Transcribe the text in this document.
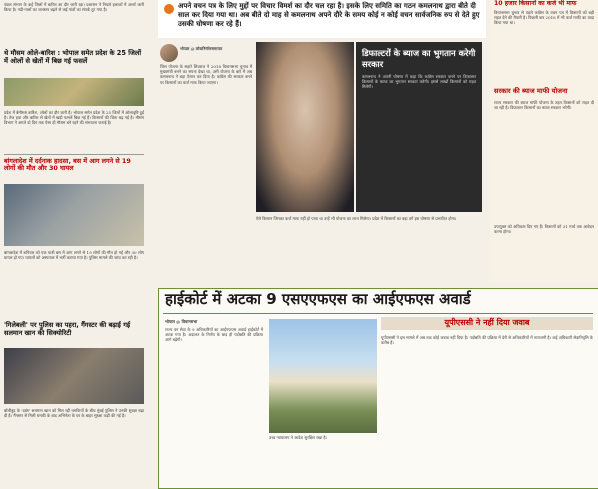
चंबल संभाग के कई जिलों में बारिश का दौर जारी रहा। प्रशासन ने निचले इलाकों में अलर्ट जारी किया है। नदी-नालों का जलस्तर बढ़ने से कई गांवों का संपर्क टूट गया है।
थे मौसम ओले-बारिश : भोपाल समेत प्रदेश के 25 जिलों में ओलों से खेतों में बिछ गई फसलें
प्रदेश में बेमौसम बारिश, ओलों का दौर जारी है। भोपाल समेत प्रदेश के 25 जिलों में ओलावृष्टि हुई है। तेज हवा और बारिश से खेतों में खड़ी फसलें बिछ गई हैं। किसानों की चिंता बढ़ गई है। मौसम विभाग ने अगले दो दिन तक ऐसा ही मौसम बने रहने की संभावना जताई है।
बांगलादेश में दर्दनाक हादसा, बस में आग लगने से 19 लोगों की मौत और 30 घायल
बांगलादेश में शनिवार को एक यात्री बस में आग लगने से 19 लोगों की मौत हो गई और 30 लोग घायल हो गए। घायलों को अस्पताल में भर्ती कराया गया है। पुलिस मामले की जांच कर रही है।
'गिलेबली' पर पुलिस का पहरा, गैंगस्टर की बढ़ाई गई सलमान खान की सिक्योरिटी
बॉलीवुड के 'दबंग' सलमान खान को मिल रही धमकियों के बीच मुंबई पुलिस ने उनकी सुरक्षा बढ़ा दी है। गैंगस्टर से मिली धमकी के बाद अभिनेता के घर के बाहर सुरक्षा कड़ी की गई है।
अपने वचन पत्र के लिए मुद्दों पर विचार विमर्श का दौर चल रहा है। इसके लिए समिति का गठन कमलनाथ द्वारा बीते दी साल कर दिया गया था। अब बीते दो माह से कमलनाथ अपने दौरे के समय कोई न कोई वचन सार्वजनिक रुप से देते हुए उसकी घोषणा कर रहे हैं।
भोपाल @ लोकनिर्माणसमाचार
जिस योजना के सहारे शिवराज ने 2018 विधानसभा चुनाव में मुख्यमंत्री बनने का सपना देखा था, उसी योजना के बारे में अब कमलनाथ ने बड़ा ऐलान कर दिया है। कांग्रेस की सरकार बनने पर किसानों का कर्ज माफ किया जाएगा।
डिफाल्टरों के ब्याज का भुगतान करेगी सरकार
कमलनाथ ने अपनी घोषणा में कहा कि कांग्रेस सरकार बनने पर डिफाल्टर किसानों के ब्याज का भुगतान सरकार करेगी। इससे लाखों किसानों को राहत मिलेगी।
ऐसे किसान जिनका कर्ज माफ नहीं हो पाया था उन्हें भी योजना का लाभ मिलेगा। प्रदेश में किसानों का बड़ा वर्ग इस घोषणा से प्रभावित होगा।
10 हजार किसानों का कर्ज भी माफ
विधानसभा चुनाव से पहले कांग्रेस के वचन पत्र में किसानों को बड़ी राहत देने की तैयारी है। पिछली बार 2018 में भी कर्ज माफी का वादा किया गया था।
सरकार की ब्याज माफी योजना
राज्य सरकार की ब्याज माफी योजना के तहत किसानों को राहत दी जा रही है। डिफाल्टर किसानों का ब्याज सरकार भरेगी।
उपायुक्त को अधिकार दिए गए हैं। किसानों को 31 मार्च तक आवेदन करना होगा।
हाईकोर्ट में अटका 9 एसएएफएस का आईएफएस अवार्ड
भोपाल @ विधानसभा
राज्य वन सेवा के 9 अधिकारियों का आईएफएस अवार्ड हाईकोर्ट में अटक गया है। अदालत के निर्णय के बाद ही पदोन्नति की प्रक्रिया आगे बढ़ेगी।
उच्च न्यायालय ने आदेश सुरक्षित रखा है।
यूपीएससी ने नहीं दिया जवाब
यूपीएससी ने इस मामले में अब तक कोई जवाब नहीं दिया है। पदोन्नति की प्रक्रिया में देरी से अधिकारियों में नाराजगी है। कई अधिकारी सेवानिवृत्ति के करीब हैं।
